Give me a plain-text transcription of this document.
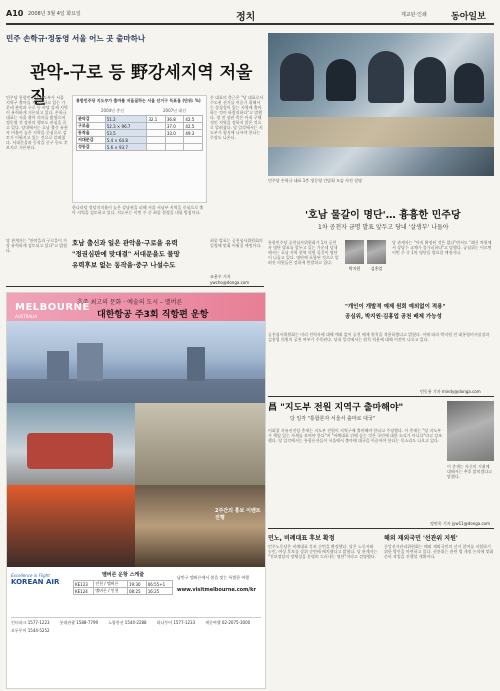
A10 2008년 3월 4일 화요일	정치	제교판·인쇄	동아일보
민주 손학규·정동영 서울 어느 곳 출마하나
관악-구로 등 野강세지역 저울질
민주당 통합민주당 지도부가 서울 지역구 출마를 저울질하고 있는 가운데 관악과 구로 등 야당 강세 지역이 유력하게 거론되고 있다. 손학규 대표는 서울 출마 의사를 밝혔으며 정동영 전 장관의 행보도 관심을 끌고 있다. 당내에서는 호남 출신 유권자 비율이 높은 지역을 중심으로 검토가 이뤄지고 있는 것으로 알려졌다. 서대문을과 동작을 중구 등도 후보지로 거론된다.
통합민주당 지도부가 출마를 저울질하는 서울 선거구 득표율 (단위: %)
2004년 총선	2007년 대선
관악갑	51.2	32.1	36.8	42.5
구로을	52.3 × 96.7		37.0	42.5
동작을	53.5		33.0	49.3
서대문갑	5.4 × 64.8			
성동갑	5.6 × 93.7			
한나라당 정당지지율이 높은 강남권을 피해 서울 서남부 지역을 중심으로 출마 지역을 검토하고 있다. 지도부는 이번 주 중 최종 결정을 내릴 방침이다.
손 대표의 측근은 "당 대표로서 수도권 선거를 이끌기 위해서는 상징성이 있는 지역에 출마하는 것이 바람직하다"고 말했다. 정 전 장관 측은 아직 구체적인 지역을 정하지 않은 것으로 알려졌다. 당 일각에서는 지도부가 험지에 나서야 한다는 주장도 나온다.
호남 출신과 일은 관악을·구로을 유력
"정권심판에 맞대결" 서대문을도 물망
유력후보 없는 동작을·중구 나설수도
당 관계자는 "관악을과 구로을이 가장 유력하게 검토되고 있다"고 밝혔다.
최종 발표는 공천심사위원회의 일정에 맞춰 이뤄질 예정이다.
조용우 기자 ywcho@donga.com
민주당 손학규 대표 1층 정동영 간담회 모습 사진 설명
'호남 물갈이 명단'… 흉흉한 민주당
1차 공천자 금명 발표 앞두고 당내 '살생부' 나돌아
통합민주당 공천심사위원회가 1차 공천자 명단 발표를 앞두고 있는 가운데 당내에서는 호남 지역 현역 의원 물갈이 명단이 나돌고 있다. 명단에 포함된 것으로 알려진 의원들은 강하게 반발하고 있다.
박지원	김홍업
당 관계자는 "아직 확정된 것은 없다"면서도 "쇄신 차원에서 상당수 교체가 불가피하다"고 말했다. 공심위는 이르면 이번 주 중 1차 명단을 발표할 예정이다.
"개인이 개발적 예제 원회 예외없이 적용"
공심위, 박지원·김홍업 공천 배제 가능성
공천심사위원회는 비리 전력자에 대해 예외 없이 공천 배제 원칙을 적용하겠다고 밝혔다. 이에 따라 박지원 전 대통령비서실장과 김홍업 의원의 공천 여부가 주목된다. 당내 일각에서는 원칙 적용에 대해 이견이 나오고 있다.
민동용 기자 mindy@donga.com
호주 최고의 문화 · 예술의 도시 – 멜버른
대한항공 주3회 직항편 운항
MELBOURNE
AUSTRALIA
2주간의 홍보 이벤트 진행
Excellence in Flight
KOREAN AIR
멜버른 운항 스케줄
KE123	인천 / 멜버른	19:30	06:55+1
KE124	멜버른 / 인천	08:25	16:25
남반구 멜버른에서 봄을 맞는 특별한 여행
www.visitmelbourne.com/kr
인터파크 1577-1223	롯데관광 1588-7799	노랑풍선 1544-2288	하나투어 1577-1233	세중여행 02-2075-3000
모두투어 1544-5252
昌 "지도부 전원 지역구 출마해야"
당 일각 "통합론자 서울서 출마로 대국"
이회창 자유선진당 총재는 지도부 전원이 지역구에 출마해야 한다고 주장했다. 이 총재는 "당 지도부가 책임 있는 자세를 보여야 한다"며 "비례대표 뒤에 숨는 것은 국민에 대한 도리가 아니다"라고 강조했다. 당 일각에서는 통합론자들이 서울에서 출마해 대국을 이끌어야 한다는 목소리도 나오고 있다.
이 총재는 자신의 거취에 대해서는 추후 밝히겠다고 말했다.
정연욱 기자 jyw11@donga.com
민노, 비례대표 후보 확정
민주노동당은 비례대표 후보 순번을 확정했다. 당은 노동자와 농민, 여성 후보를 상위 순번에 배치했다고 밝혔다. 당 관계자는 "진보정당의 정체성을 분명히 드러내는 명단"이라고 설명했다.
해외 재외국민 '선관위 지원'
중앙선거관리위원회는 해외 재외국민의 선거 참여를 지원하기 위한 방안을 마련하고 있다. 선관위는 관련 법 개정 논의에 맞춰 준비 작업을 진행할 계획이다.
